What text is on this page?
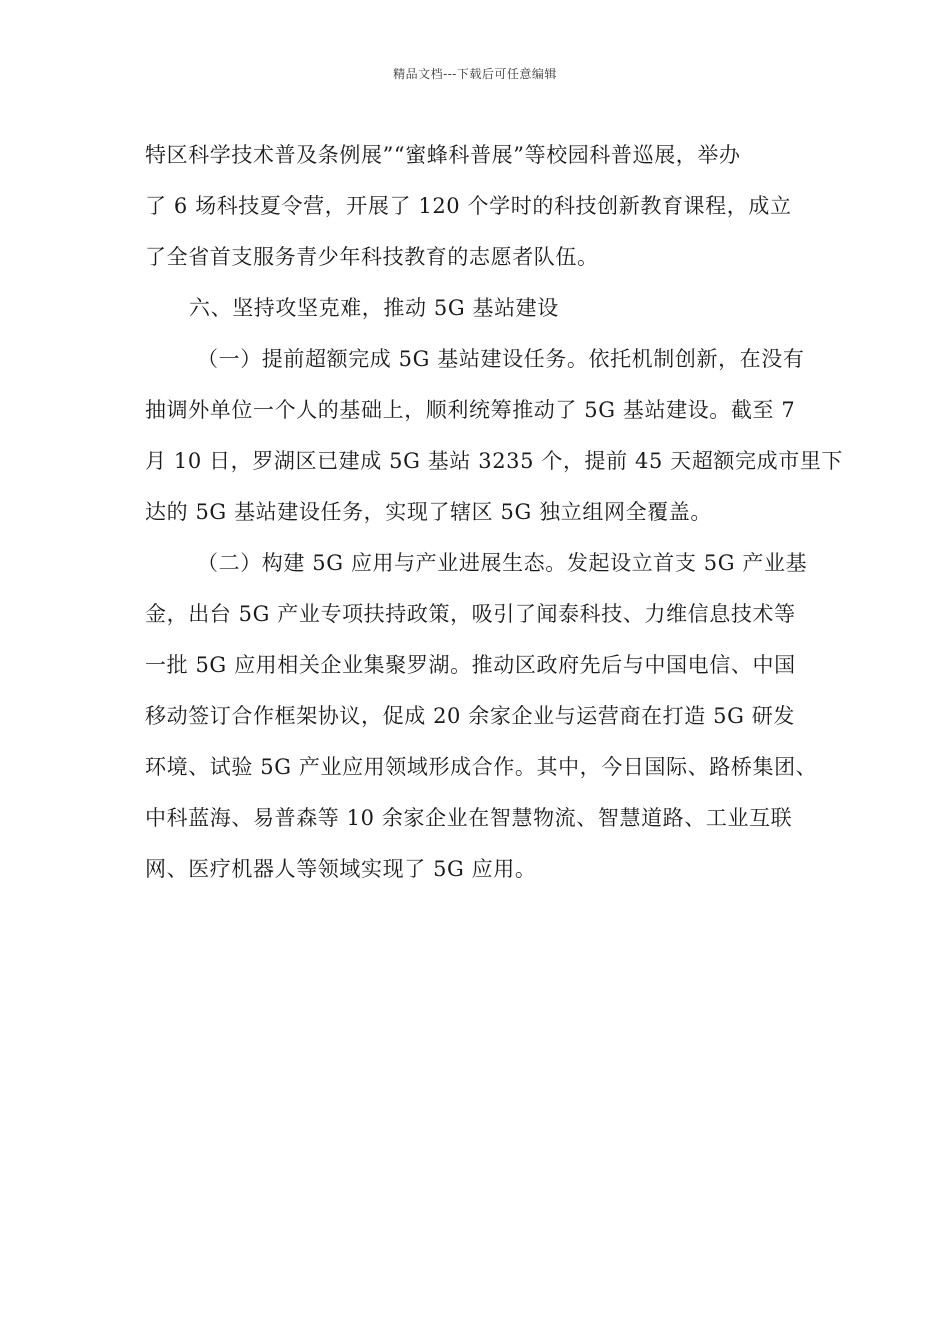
精品文档---下载后可任意编辑
特区科学技术普及条例展”“蜜蜂科普展”等校园科普巡展，举办
了 6 场科技夏令营，开展了 120 个学时的科技创新教育课程，成立
了全省首支服务青少年科技教育的志愿者队伍。
六、坚持攻坚克难，推动 5G 基站建设
（一）提前超额完成 5G 基站建设任务。依托机制创新，在没有
抽调外单位一个人的基础上，顺利统筹推动了 5G 基站建设。截至 7
月 10 日，罗湖区已建成 5G 基站 3235 个，提前 45 天超额完成市里下
达的 5G 基站建设任务，实现了辖区 5G 独立组网全覆盖。
（二）构建 5G 应用与产业进展生态。发起设立首支 5G 产业基
金，出台 5G 产业专项扶持政策，吸引了闻泰科技、力维信息技术等
一批 5G 应用相关企业集聚罗湖。推动区政府先后与中国电信、中国
移动签订合作框架协议，促成 20 余家企业与运营商在打造 5G 研发
环境、试验 5G 产业应用领域形成合作。其中，今日国际、路桥集团、
中科蓝海、易普森等 10 余家企业在智慧物流、智慧道路、工业互联
网、医疗机器人等领域实现了 5G 应用。
